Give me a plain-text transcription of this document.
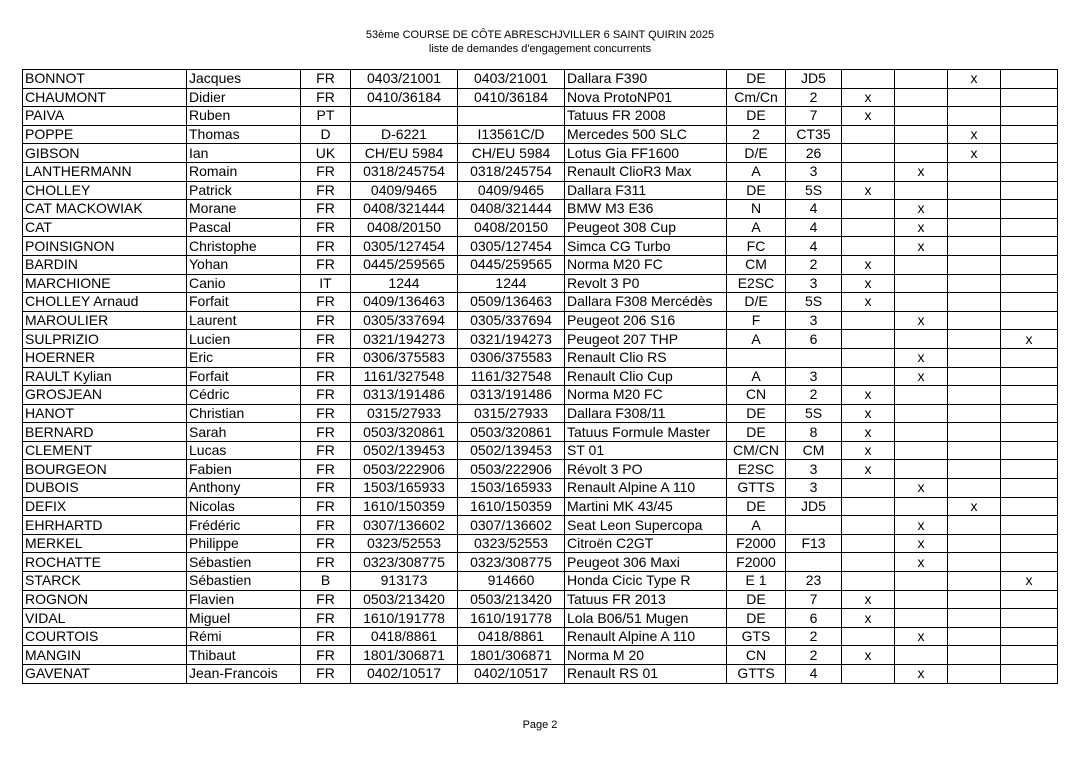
53ème COURSE DE CÔTE ABRESCHJVILLER 6 SAINT QUIRIN 2025
liste de demandes d'engagement concurrents
BONNOT	Jacques	FR	0403/21001	0403/21001	Dallara F390	DE	JD5			x	
CHAUMONT	Didier	FR	0410/36184	0410/36184	Nova ProtoNP01	Cm/Cn	2	x			
PAIVA	Ruben	PT			Tatuus FR 2008	DE	7	x			
POPPE	Thomas	D	D-6221	I13561C/D	Mercedes 500 SLC	2	CT35			x	
GIBSON	Ian	UK	CH/EU 5984	CH/EU 5984	Lotus Gia FF1600	D/E	26			x	
LANTHERMANN	Romain	FR	0318/245754	0318/245754	Renault ClioR3 Max	A	3		x		
CHOLLEY	Patrick	FR	0409/9465	0409/9465	Dallara F311	DE	5S	x			
CAT MACKOWIAK	Morane	FR	0408/321444	0408/321444	BMW M3 E36	N	4		x		
CAT	Pascal	FR	0408/20150	0408/20150	Peugeot 308 Cup	A	4		x		
POINSIGNON	Christophe	FR	0305/127454	0305/127454	Simca CG Turbo	FC	4		x		
BARDIN	Yohan	FR	0445/259565	0445/259565	Norma M20 FC	CM	2	x			
MARCHIONE	Canio	IT	1244	1244	Revolt 3 P0	E2SC	3	x			
CHOLLEY Arnaud	Forfait	FR	0409/136463	0509/136463	Dallara F308 Mercédès	D/E	5S	x			
MAROULIER	Laurent	FR	0305/337694	0305/337694	Peugeot 206 S16	F	3		x		
SULPRIZIO	Lucien	FR	0321/194273	0321/194273	Peugeot 207 THP	A	6				x
HOERNER	Eric	FR	0306/375583	0306/375583	Renault Clio RS				x		
RAULT Kylian	Forfait	FR	1161/327548	1161/327548	Renault Clio Cup	A	3		x		
GROSJEAN	Cédric	FR	0313/191486	0313/191486	Norma M20 FC	CN	2	x			
HANOT	Christian	FR	0315/27933	0315/27933	Dallara F308/11	DE	5S	x			
BERNARD	Sarah	FR	0503/320861	0503/320861	Tatuus Formule Master	DE	8	x			
CLEMENT	Lucas	FR	0502/139453	0502/139453	ST 01	CM/CN	CM	x			
BOURGEON	Fabien	FR	0503/222906	0503/222906	Révolt 3 PO	E2SC	3	x			
DUBOIS	Anthony	FR	1503/165933	1503/165933	Renault Alpine A 110	GTTS	3		x		
DEFIX	Nicolas	FR	1610/150359	1610/150359	Martini MK 43/45	DE	JD5			x	
EHRHARTD	Frédéric	FR	0307/136602	0307/136602	Seat Leon Supercopa	A			x		
MERKEL	Philippe	FR	0323/52553	0323/52553	Citroën C2GT	F2000	F13		x		
ROCHATTE	Sébastien	FR	0323/308775	0323/308775	Peugeot 306 Maxi	F2000			x		
STARCK	Sébastien	B	913173	914660	Honda Cicic Type R	E 1	23				x
ROGNON	Flavien	FR	0503/213420	0503/213420	Tatuus FR 2013	DE	7	x			
VIDAL	Miguel	FR	1610/191778	1610/191778	Lola B06/51 Mugen	DE	6	x			
COURTOIS	Rémi	FR	0418/8861	0418/8861	Renault Alpine A 110	GTS	2		x		
MANGIN	Thibaut	FR	1801/306871	1801/306871	Norma M 20	CN	2	x			
GAVENAT	Jean-Francois	FR	0402/10517	0402/10517	Renault RS 01	GTTS	4		x		
Page 2
